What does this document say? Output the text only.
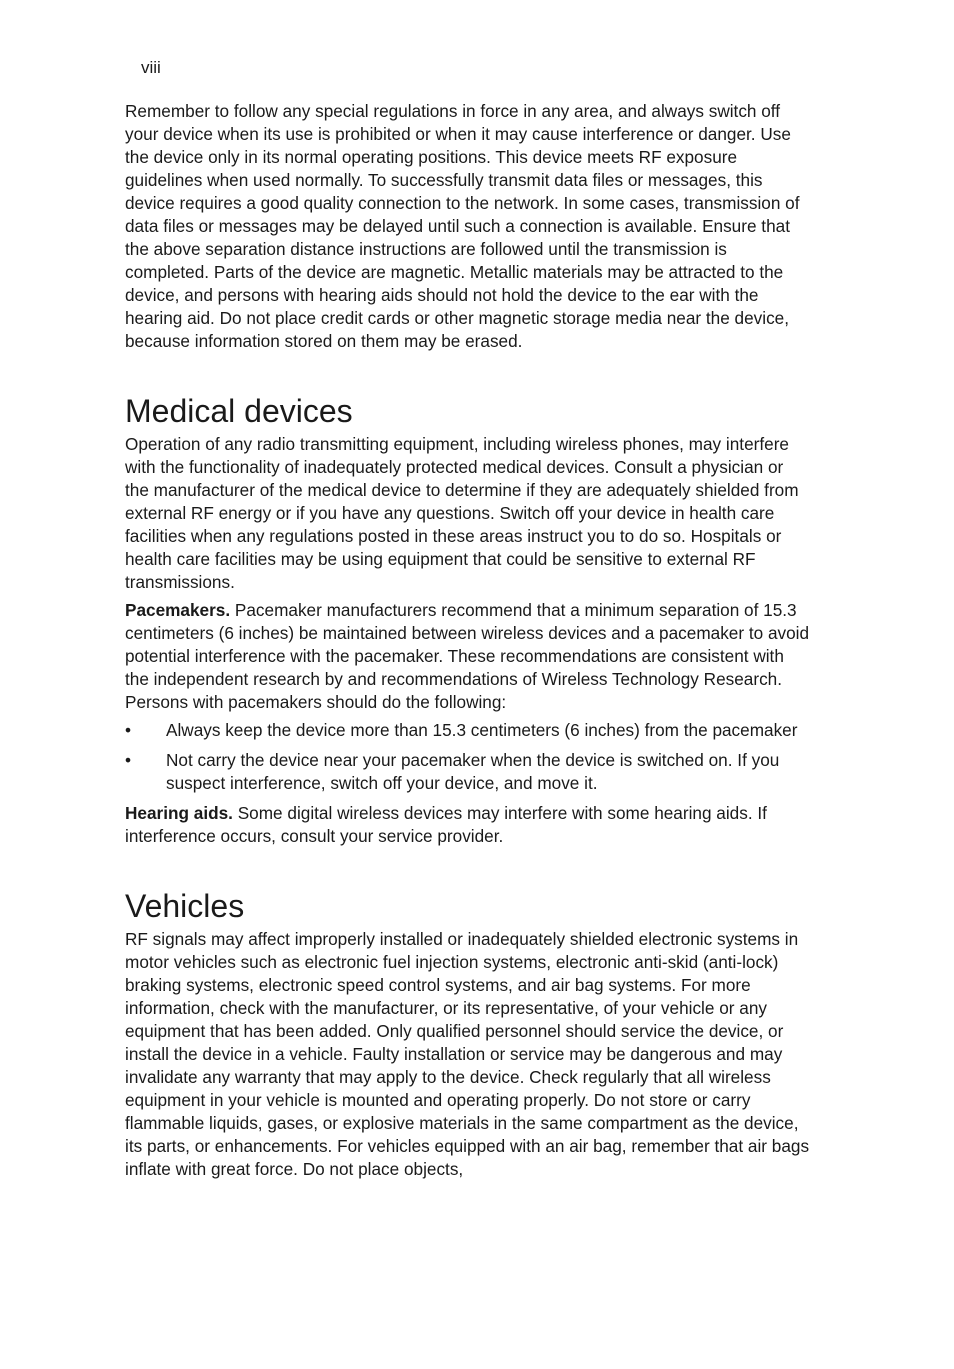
viii

Remember to follow any special regulations in force in any area, and always switch off your device when its use is prohibited or when it may cause interference or danger. Use the device only in its normal operating positions. This device meets RF exposure guidelines when used normally. To successfully transmit data files or messages, this device requires a good quality connection to the network. In some cases, transmission of data files or messages may be delayed until such a connection is available. Ensure that the above separation distance instructions are followed until the transmission is completed. Parts of the device are magnetic. Metallic materials may be attracted to the device, and persons with hearing aids should not hold the device to the ear with the hearing aid. Do not place credit cards or other magnetic storage media near the device, because information stored on them may be erased.

Medical devices

Operation of any radio transmitting equipment, including wireless phones, may interfere with the functionality of inadequately protected medical devices. Consult a physician or the manufacturer of the medical device to determine if they are adequately shielded from external RF energy or if you have any questions. Switch off your device in health care facilities when any regulations posted in these areas instruct you to do so. Hospitals or health care facilities may be using equipment that could be sensitive to external RF transmissions.

Pacemakers. Pacemaker manufacturers recommend that a minimum separation of 15.3 centimeters (6 inches) be maintained between wireless devices and a pacemaker to avoid potential interference with the pacemaker. These recommendations are consistent with the independent research by and recommendations of Wireless Technology Research. Persons with pacemakers should do the following:

• Always keep the device more than 15.3 centimeters (6 inches) from the pacemaker
• Not carry the device near your pacemaker when the device is switched on. If you suspect interference, switch off your device, and move it.

Hearing aids. Some digital wireless devices may interfere with some hearing aids. If interference occurs, consult your service provider.

Vehicles

RF signals may affect improperly installed or inadequately shielded electronic systems in motor vehicles such as electronic fuel injection systems, electronic anti-skid (anti-lock) braking systems, electronic speed control systems, and air bag systems. For more information, check with the manufacturer, or its representative, of your vehicle or any equipment that has been added. Only qualified personnel should service the device, or install the device in a vehicle. Faulty installation or service may be dangerous and may invalidate any warranty that may apply to the device. Check regularly that all wireless equipment in your vehicle is mounted and operating properly. Do not store or carry flammable liquids, gases, or explosive materials in the same compartment as the device, its parts, or enhancements. For vehicles equipped with an air bag, remember that air bags inflate with great force. Do not place objects,
